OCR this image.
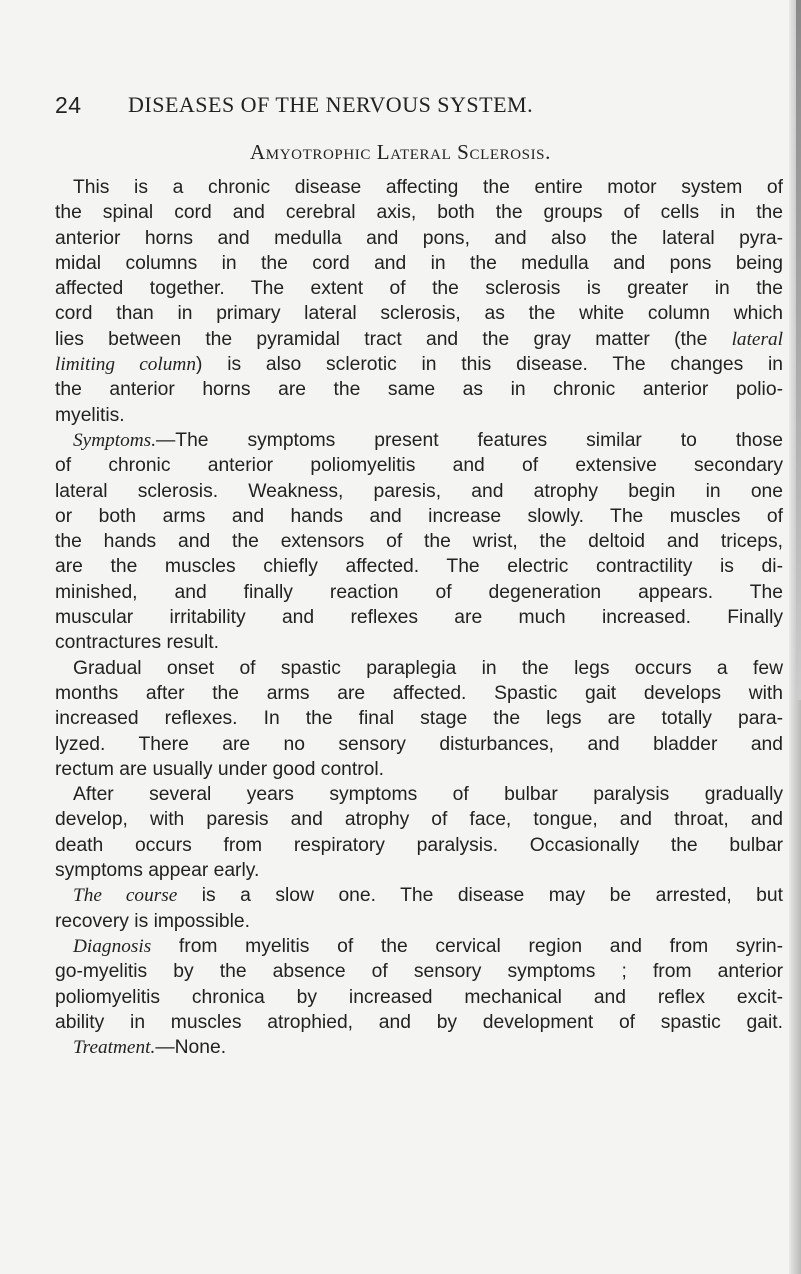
24 DISEASES OF THE NERVOUS SYSTEM.
Amyotrophic Lateral Sclerosis.
This is a chronic disease affecting the entire motor system of
the spinal cord and cerebral axis, both the groups of cells in the
anterior horns and medulla and pons, and also the lateral pyra-
midal columns in the cord and in the medulla and pons being
affected together. The extent of the sclerosis is greater in the
cord than in primary lateral sclerosis, as the white column which
lies between the pyramidal tract and the gray matter (the lateral
limiting column) is also sclerotic in this disease. The changes in
the anterior horns are the same as in chronic anterior polio-
myelitis.
Symptoms.—The symptoms present features similar to those
of chronic anterior poliomyelitis and of extensive secondary
lateral sclerosis. Weakness, paresis, and atrophy begin in one
or both arms and hands and increase slowly. The muscles of
the hands and the extensors of the wrist, the deltoid and triceps,
are the muscles chiefly affected. The electric contractility is di-
minished, and finally reaction of degeneration appears. The
muscular irritability and reflexes are much increased. Finally
contractures result.
Gradual onset of spastic paraplegia in the legs occurs a few
months after the arms are affected. Spastic gait develops with
increased reflexes. In the final stage the legs are totally para-
lyzed. There are no sensory disturbances, and bladder and
rectum are usually under good control.
After several years symptoms of bulbar paralysis gradually
develop, with paresis and atrophy of face, tongue, and throat, and
death occurs from respiratory paralysis. Occasionally the bulbar
symptoms appear early.
The course is a slow one. The disease may be arrested, but
recovery is impossible.
Diagnosis from myelitis of the cervical region and from syrin-
go-myelitis by the absence of sensory symptoms ; from anterior
poliomyelitis chronica by increased mechanical and reflex excit-
ability in muscles atrophied, and by development of spastic gait.
Treatment.—None.
